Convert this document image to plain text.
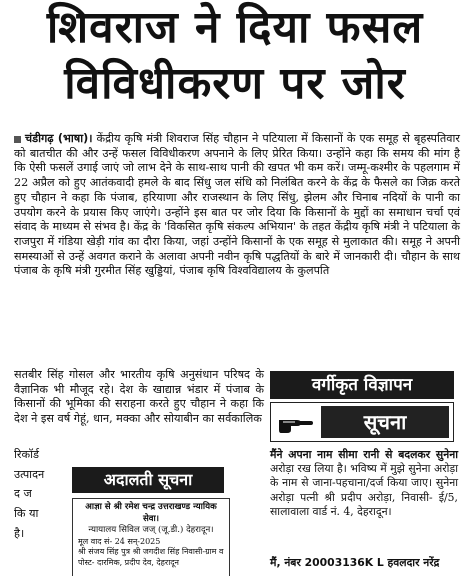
शिवराज ने दिया फसल
विविधीकरण पर जोर
चंडीगढ़ (भाषा)। केंद्रीय कृषि मंत्री शिवराज सिंह चौहान ने पटियाला में किसानों के एक समूह से बृहस्पतिवार को बातचीत की और उन्हें फसल विविधीकरण अपनाने के लिए प्रेरित किया। उन्होंने कहा कि समय की मांग है कि ऐसी फसलें उगाई जाएं जो लाभ देने के साथ-साथ पानी की खपत भी कम करें। जम्मू-कश्मीर के पहलगाम में 22 अप्रैल को हुए आतंकवादी हमले के बाद सिंधु जल संधि को निलंबित करने के केंद्र के फैसले का जिक्र करते हुए चौहान ने कहा कि पंजाब, हरियाणा और राजस्थान के लिए सिंधु, झेलम और चिनाब नदियों के पानी का उपयोग करने के प्रयास किए जाएंगे। उन्होंने इस बात पर जोर दिया कि किसानों के मुद्दों का समाधान चर्चा एवं संवाद के माध्यम से संभव है। केंद्र के 'विकसित कृषि संकल्प अभियान' के तहत केंद्रीय कृषि मंत्री ने पटियाला के राजपुरा में गंडिया खेड़ी गांव का दौरा किया, जहां उन्होंने किसानों के एक समूह से मुलाकात की। समूह ने अपनी समस्याओं से उन्हें अवगत कराने के अलावा अपनी नवीन कृषि पद्धतियों के बारे में जानकारी दी। चौहान के साथ पंजाब के कृषि मंत्री गुरमीत सिंह खुड्डियां, पंजाब कृषि विश्वविद्यालय के कुलपति
सतबीर सिंह गोसल और भारतीय कृषि अनुसंधान परिषद के वैज्ञानिक भी मौजूद रहे। देश के खाद्यान्न भंडार में पंजाब के किसानों की भूमिका की सराहना करते हुए चौहान ने कहा कि देश ने इस वर्ष गेहूं, धान, मक्का और सोयाबीन का सर्वकालिक
रिकॉर्ड
उत्पादन
द ज
कि या
है।
वर्गीकृत विज्ञापन
सूचना
मैंने अपना नाम सीमा रानी से बदलकर सुनेना अरोड़ा रख लिया है। भविष्य में मुझे सुनेना अरोड़ा के नाम से जाना-पहचाना/दर्ज किया जाए। सुनेना अरोड़ा पत्नी श्री प्रदीप अरोड़ा, निवासी- ई/5, सालावाला वार्ड नं. 4, देहरादून।
मैं, नंबर 20003136K L हवलदार नरेंद्र
अदालती सूचना
आज्ञा से श्री रमेश चन्द्र उत्तराखण्ड न्यायिक सेवा।
न्यायालय सिविल जज् (जू.डी.) देहरादून।
मूल वाद सं- 24 सन्-2025
श्री संजय सिंह पुत्र श्री जगदीश सिंह निवासी-ग्राम व पोस्ट- दारमिक, प्रदीप देव, देहरादून
